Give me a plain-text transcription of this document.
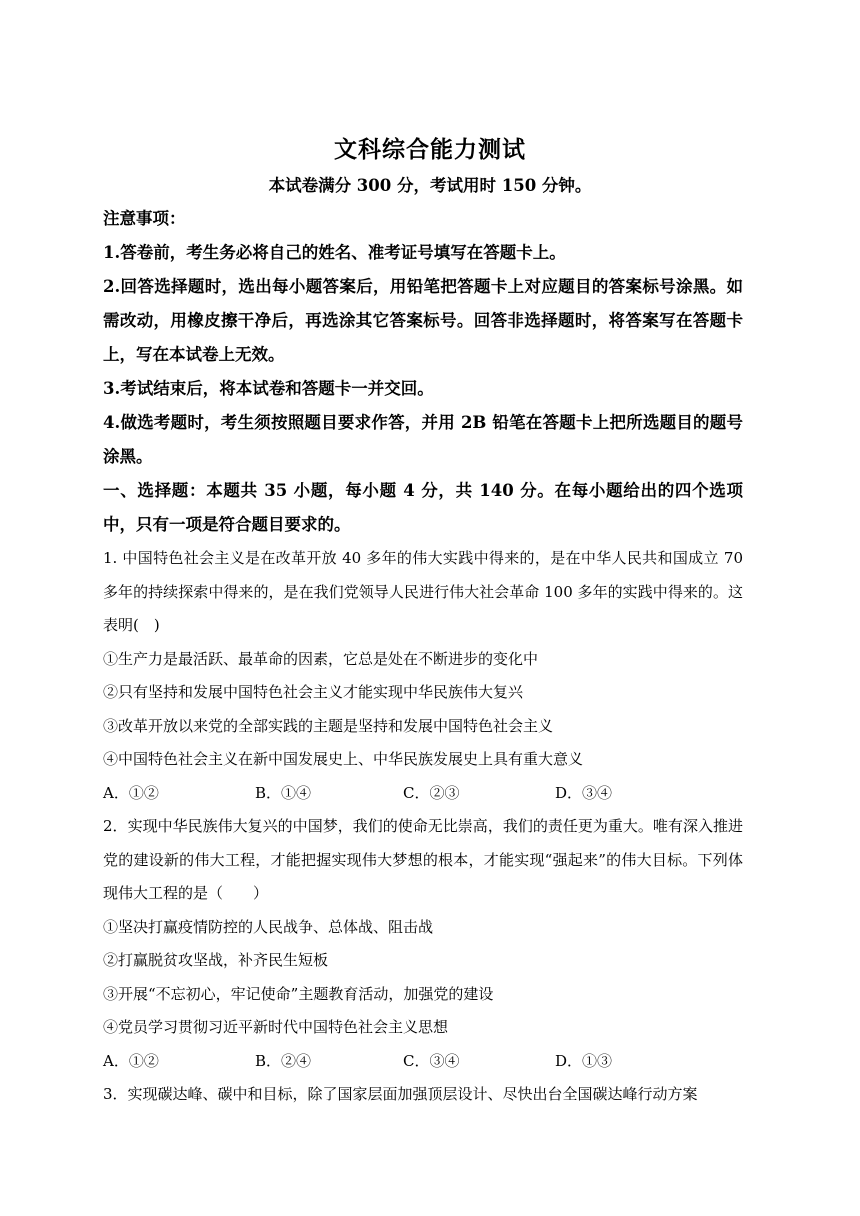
文科综合能力测试
本试卷满分 300 分，考试用时 150 分钟。
注意事项：
1.答卷前，考生务必将自己的姓名、准考证号填写在答题卡上。
2.回答选择题时，选出每小题答案后，用铅笔把答题卡上对应题目的答案标号涂黑。如需改动，用橡皮擦干净后，再选涂其它答案标号。回答非选择题时，将答案写在答题卡上，写在本试卷上无效。
3.考试结束后，将本试卷和答题卡一并交回。
4.做选考题时，考生须按照题目要求作答，并用 2B 铅笔在答题卡上把所选题目的题号涂黑。
一、选择题：本题共 35 小题，每小题 4 分，共 140 分。在每小题给出的四个选项中，只有一项是符合题目要求的。
1. 中国特色社会主义是在改革开放 40 多年的伟大实践中得来的，是在中华人民共和国成立 70 多年的持续探索中得来的，是在我们党领导人民进行伟大社会革命 100 多年的实践中得来的。这表明(　)
①生产力是最活跃、最革命的因素，它总是处在不断进步的变化中
②只有坚持和发展中国特色社会主义才能实现中华民族伟大复兴
③改革开放以来党的全部实践的主题是坚持和发展中国特色社会主义
④中国特色社会主义在新中国发展史上、中华民族发展史上具有重大意义
A．①②	B．①④	C．②③	D．③④
2．实现中华民族伟大复兴的中国梦，我们的使命无比崇高，我们的责任更为重大。唯有深入推进党的建设新的伟大工程，才能把握实现伟大梦想的根本，才能实现“强起来”的伟大目标。下列体现伟大工程的是（　　）
①坚决打赢疫情防控的人民战争、总体战、阻击战
②打赢脱贫攻坚战，补齐民生短板
③开展“不忘初心，牢记使命”主题教育活动，加强党的建设
④党员学习贯彻习近平新时代中国特色社会主义思想
A．①②	B．②④	C．③④	D．①③
3．实现碳达峰、碳中和目标，除了国家层面加强顶层设计、尽快出台全国碳达峰行动方案
